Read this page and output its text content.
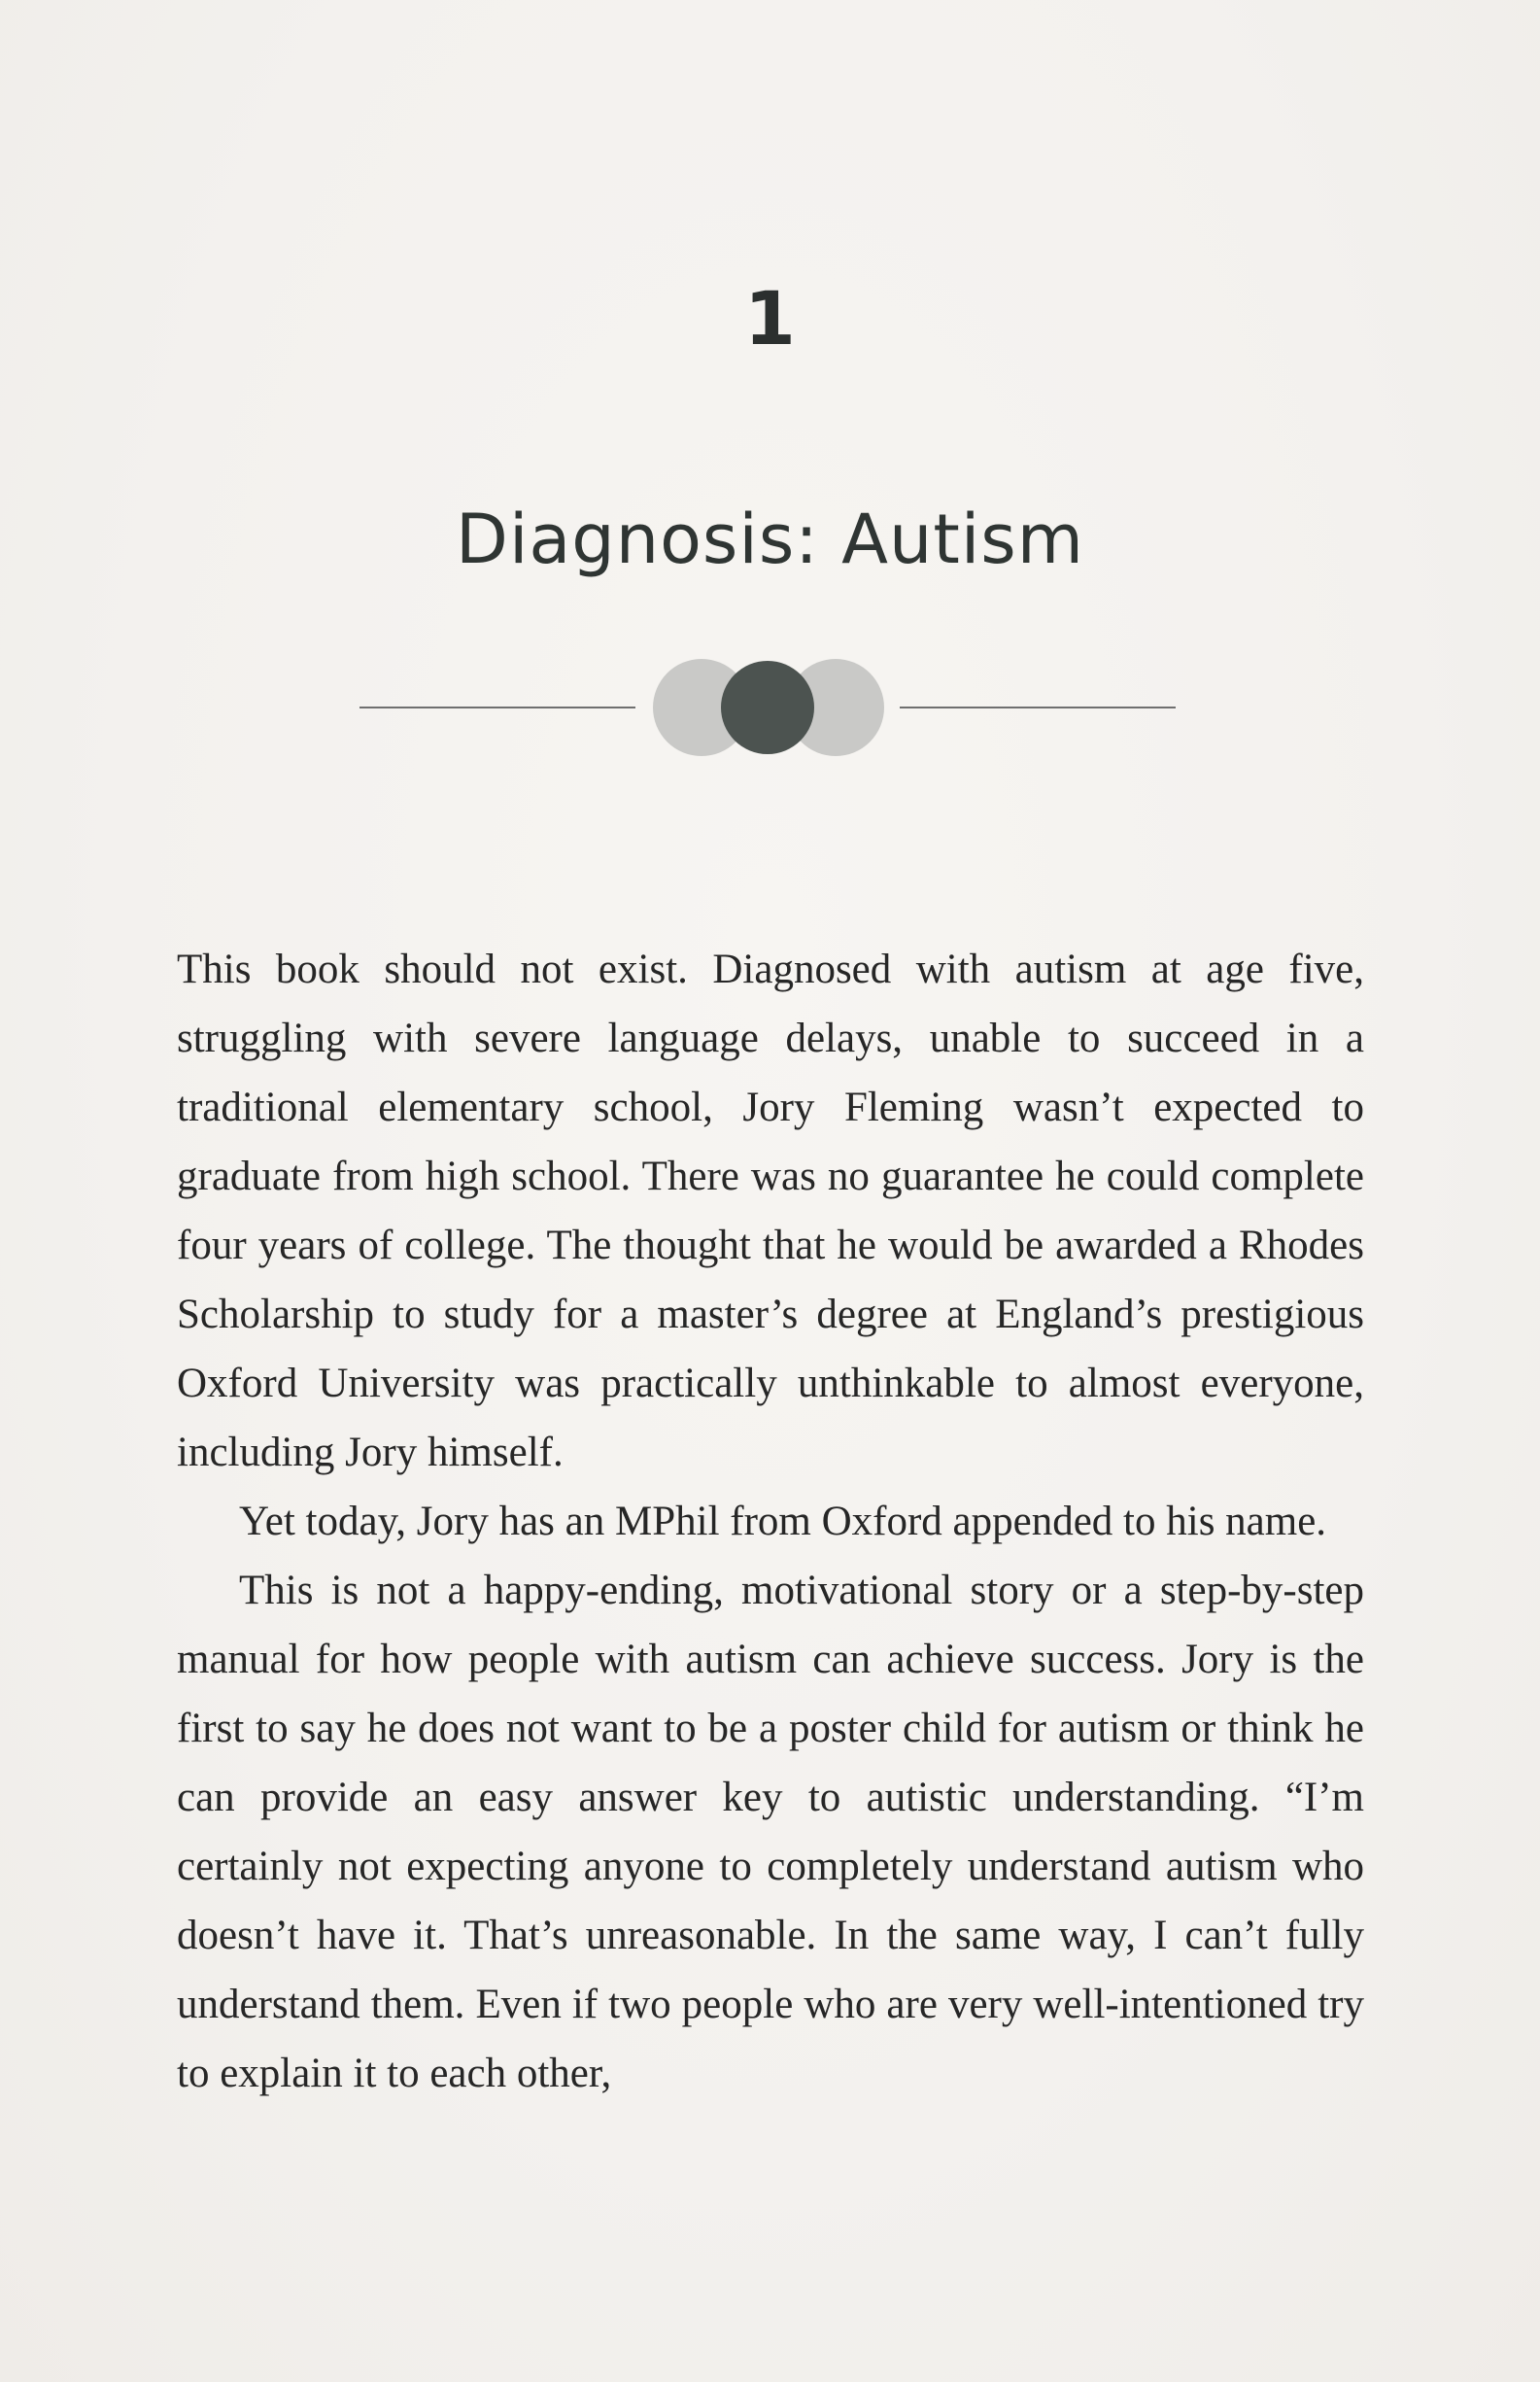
1
Diagnosis: Autism

This book should not exist. Diagnosed with autism at age five, struggling with severe language delays, unable to succeed in a traditional elementary school, Jory Fleming wasn’t expected to graduate from high school. There was no guarantee he could complete four years of college. The thought that he would be awarded a Rhodes Scholarship to study for a master’s degree at England’s prestigious Oxford University was practically unthinkable to almost everyone, including Jory himself.

Yet today, Jory has an MPhil from Oxford appended to his name.

This is not a happy-ending, motivational story or a step-by-step manual for how people with autism can achieve success. Jory is the first to say he does not want to be a poster child for autism or think he can provide an easy answer key to autistic understanding. “I’m certainly not expecting anyone to completely understand autism who doesn’t have it. That’s unreasonable. In the same way, I can’t fully understand them. Even if two people who are very well-intentioned try to explain it to each other,
